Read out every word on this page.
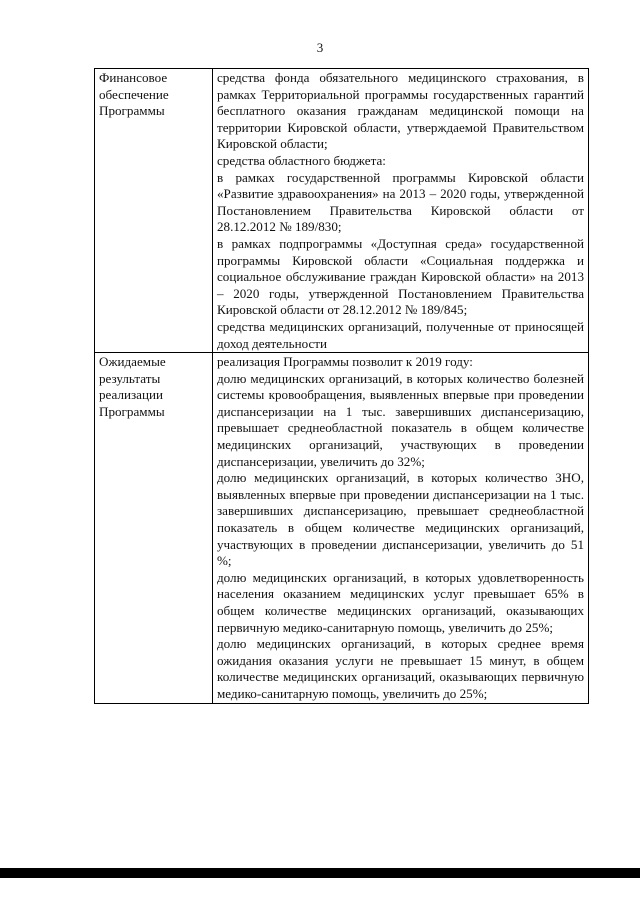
3
Финансовое обеспечение Программы	средства фонда обязательного медицинского страхования, в рамках Территориальной программы государственных гарантий бесплатного оказания гражданам медицинской помощи на территории Кировской области, утверждаемой Правительством Кировской области;

средства областного бюджета:

в рамках государственной программы Кировской области «Развитие здравоохранения» на 2013 – 2020 годы, утвержденной Постановлением Правительства Кировской области от 28.12.2012 № 189/830;

в рамках подпрограммы «Доступная среда» государственной программы Кировской области «Социальная поддержка и социальное обслуживание граждан Кировской области» на 2013 – 2020 годы, утвержденной Постановлением Правительства Кировской области от 28.12.2012 № 189/845;

средства медицинских организаций, полученные от приносящей доход деятельности

Ожидаемые результаты реализации Программы	реализация Программы позволит к 2019 году:

долю медицинских организаций, в которых количество болезней системы кровообращения, выявленных впервые при проведении диспансеризации на 1 тыс. завершивших диспансеризацию, превышает среднеобластной показатель в общем количестве медицинских организаций, участвующих в проведении диспансеризации, увеличить до 32%;

долю медицинских организаций, в которых количество ЗНО, выявленных впервые при проведении диспансеризации на 1 тыс. завершивших диспансеризацию, превышает среднеобластной показатель в общем количестве медицинских организаций, участвующих в проведении диспансеризации, увеличить до 51 %;

долю медицинских организаций, в которых удовлетворенность населения оказанием медицинских услуг превышает 65% в общем количестве медицинских организаций, оказывающих первичную медико-санитарную помощь, увеличить до 25%;

долю медицинских организаций, в которых среднее время ожидания оказания услуги не превышает 15 минут, в общем количестве медицинских организаций, оказывающих первичную медико-санитарную помощь, увеличить до 25%;
